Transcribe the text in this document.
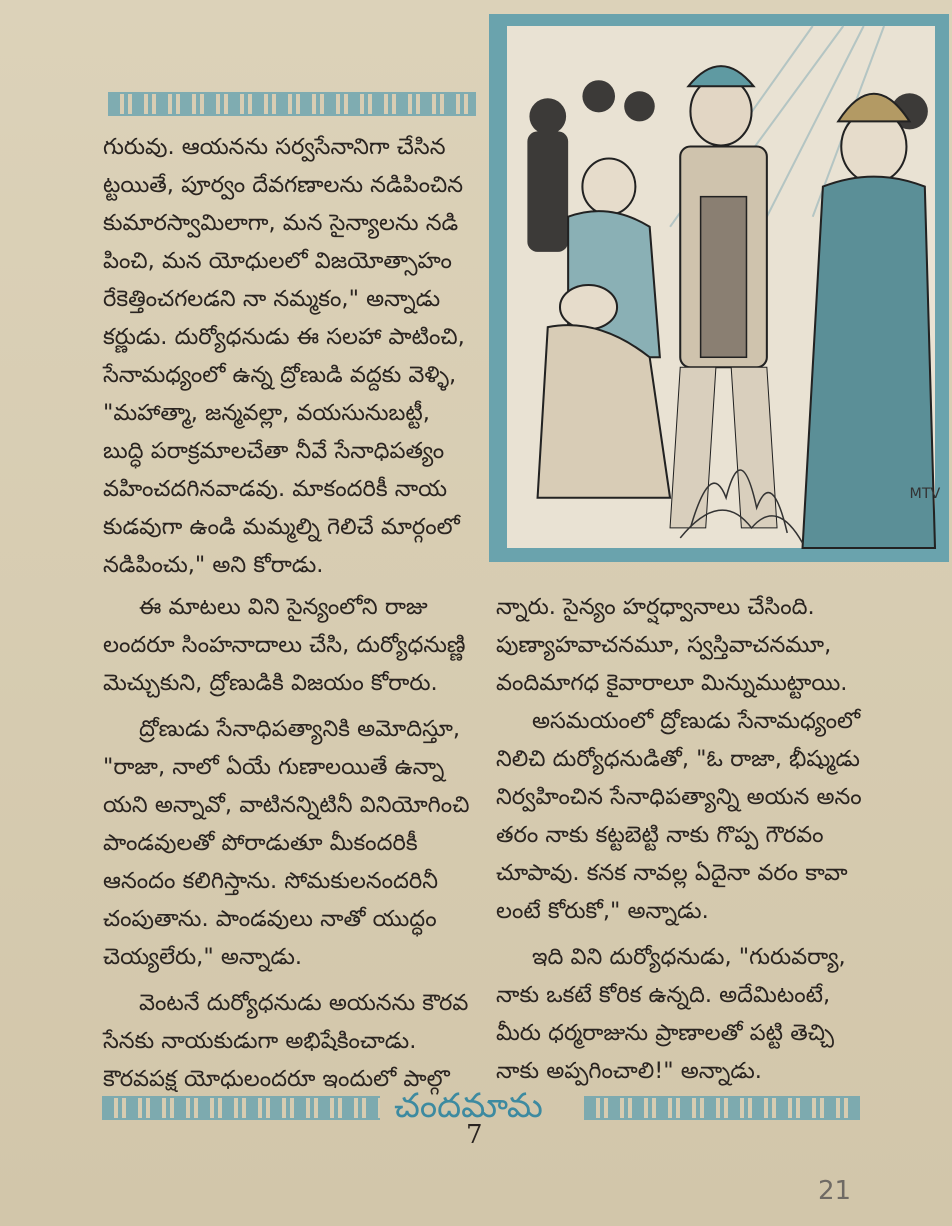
MTV

గురువు. ఆయనను సర్వసేనానిగా చేసిన

ట్టయితే, పూర్వం దేవగణాలను నడిపించిన

కుమారస్వామిలాగా, మన సైన్యాలను నడి

పించి, మన యోధులలో విజయోత్సాహం

రేకెత్తించగలడని నా నమ్మకం," అన్నాడు

కర్ణుడు. దుర్యోధనుడు ఈ సలహా పాటించి,

సేనామధ్యంలో ఉన్న ద్రోణుడి వద్దకు వెళ్ళి,

"మహాత్మా, జన్మవల్లా, వయసునుబట్టీ,

బుద్ధి పరాక్రమాలచేతా నీవే సేనాధిపత్యం

వహించదగినవాడవు. మాకందరికీ నాయ

కుడవుగా ఉండి మమ్మల్ని గెలిచే మార్గంలో

నడిపించు," అని కోరాడు.

ఈ మాటలు విని సైన్యంలోని రాజు

లందరూ సింహనాదాలు చేసి, దుర్యోధనుణ్ణి

మెచ్చుకుని, ద్రోణుడికి విజయం కోరారు.

ద్రోణుడు సేనాధిపత్యానికి అమోదిస్తూ,

"రాజా, నాలో ఏయే గుణాలయితే ఉన్నా

యని అన్నావో, వాటినన్నిటినీ వినియోగించి

పాండవులతో పోరాడుతూ మీకందరికీ

ఆనందం కలిగిస్తాను. సోమకులనందరినీ

చంపుతాను. పాండవులు నాతో యుద్ధం

చెయ్యలేరు," అన్నాడు.

వెంటనే దుర్యోధనుడు అయనను కౌరవ

సేనకు నాయకుడుగా అభిషేకించాడు.

కౌరవపక్ష యోధులందరూ ఇందులో పాల్గొ

న్నారు. సైన్యం హర్షధ్వానాలు చేసింది.

పుణ్యాహవాచనమూ, స్వస్తివాచనమూ,

వందిమాగధ కైవారాలూ మిన్నుముట్టాయి.

అసమయంలో ద్రోణుడు సేనామధ్యంలో

నిలిచి దుర్యోధనుడితో, "ఓ రాజా, భీష్ముడు

నిర్వహించిన సేనాధిపత్యాన్ని అయన అనం

తరం నాకు కట్టబెట్టి నాకు గొప్ప గౌరవం

చూపావు. కనక నావల్ల ఏదైనా వరం కావా

లంటే కోరుకో," అన్నాడు.

ఇది విని దుర్యోధనుడు, "గురువర్యా,

నాకు ఒకటే కోరిక ఉన్నది. అదేమిటంటే,

మీరు ధర్మరాజును ప్రాణాలతో పట్టి తెచ్చి

నాకు అప్పగించాలి!" అన్నాడు.

చందమామ
7
21
